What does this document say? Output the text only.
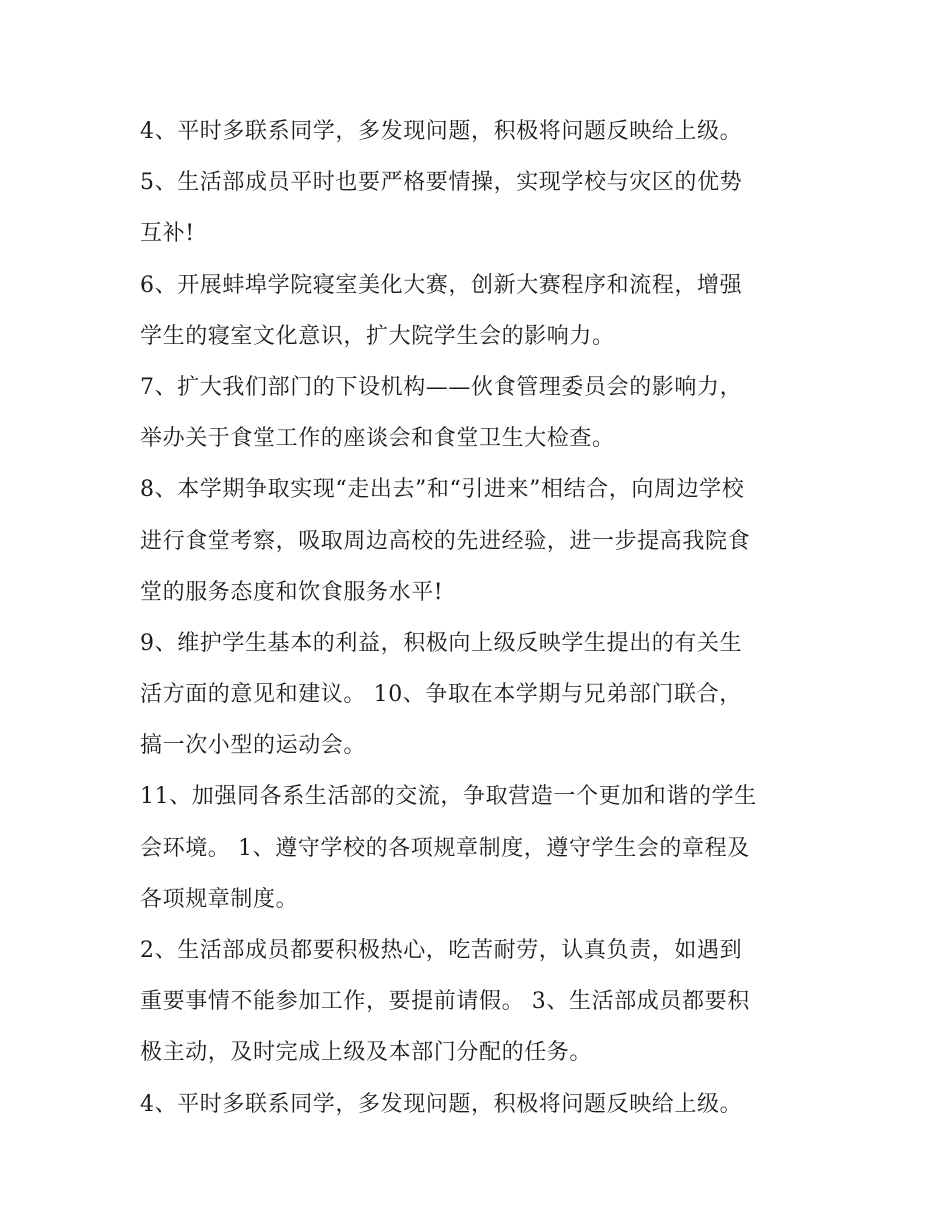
4、平时多联系同学，多发现问题，积极将问题反映给上级。
5、生活部成员平时也要严格要情操，实现学校与灾区的优势
互补!
6、开展蚌埠学院寝室美化大赛，创新大赛程序和流程，增强
学生的寝室文化意识，扩大院学生会的影响力。
7、扩大我们部门的下设机构——伙食管理委员会的影响力，
举办关于食堂工作的座谈会和食堂卫生大检查。
8、本学期争取实现“走出去”和“引进来”相结合，向周边学校
进行食堂考察，吸取周边高校的先进经验，进一步提高我院食
堂的服务态度和饮食服务水平!
9、维护学生基本的利益，积极向上级反映学生提出的有关生
活方面的意见和建议。 10、争取在本学期与兄弟部门联合，
搞一次小型的运动会。
11、加强同各系生活部的交流，争取营造一个更加和谐的学生
会环境。 1、遵守学校的各项规章制度，遵守学生会的章程及
各项规章制度。
2、生活部成员都要积极热心，吃苦耐劳，认真负责，如遇到
重要事情不能参加工作，要提前请假。 3、生活部成员都要积
极主动，及时完成上级及本部门分配的任务。
4、平时多联系同学，多发现问题，积极将问题反映给上级。
